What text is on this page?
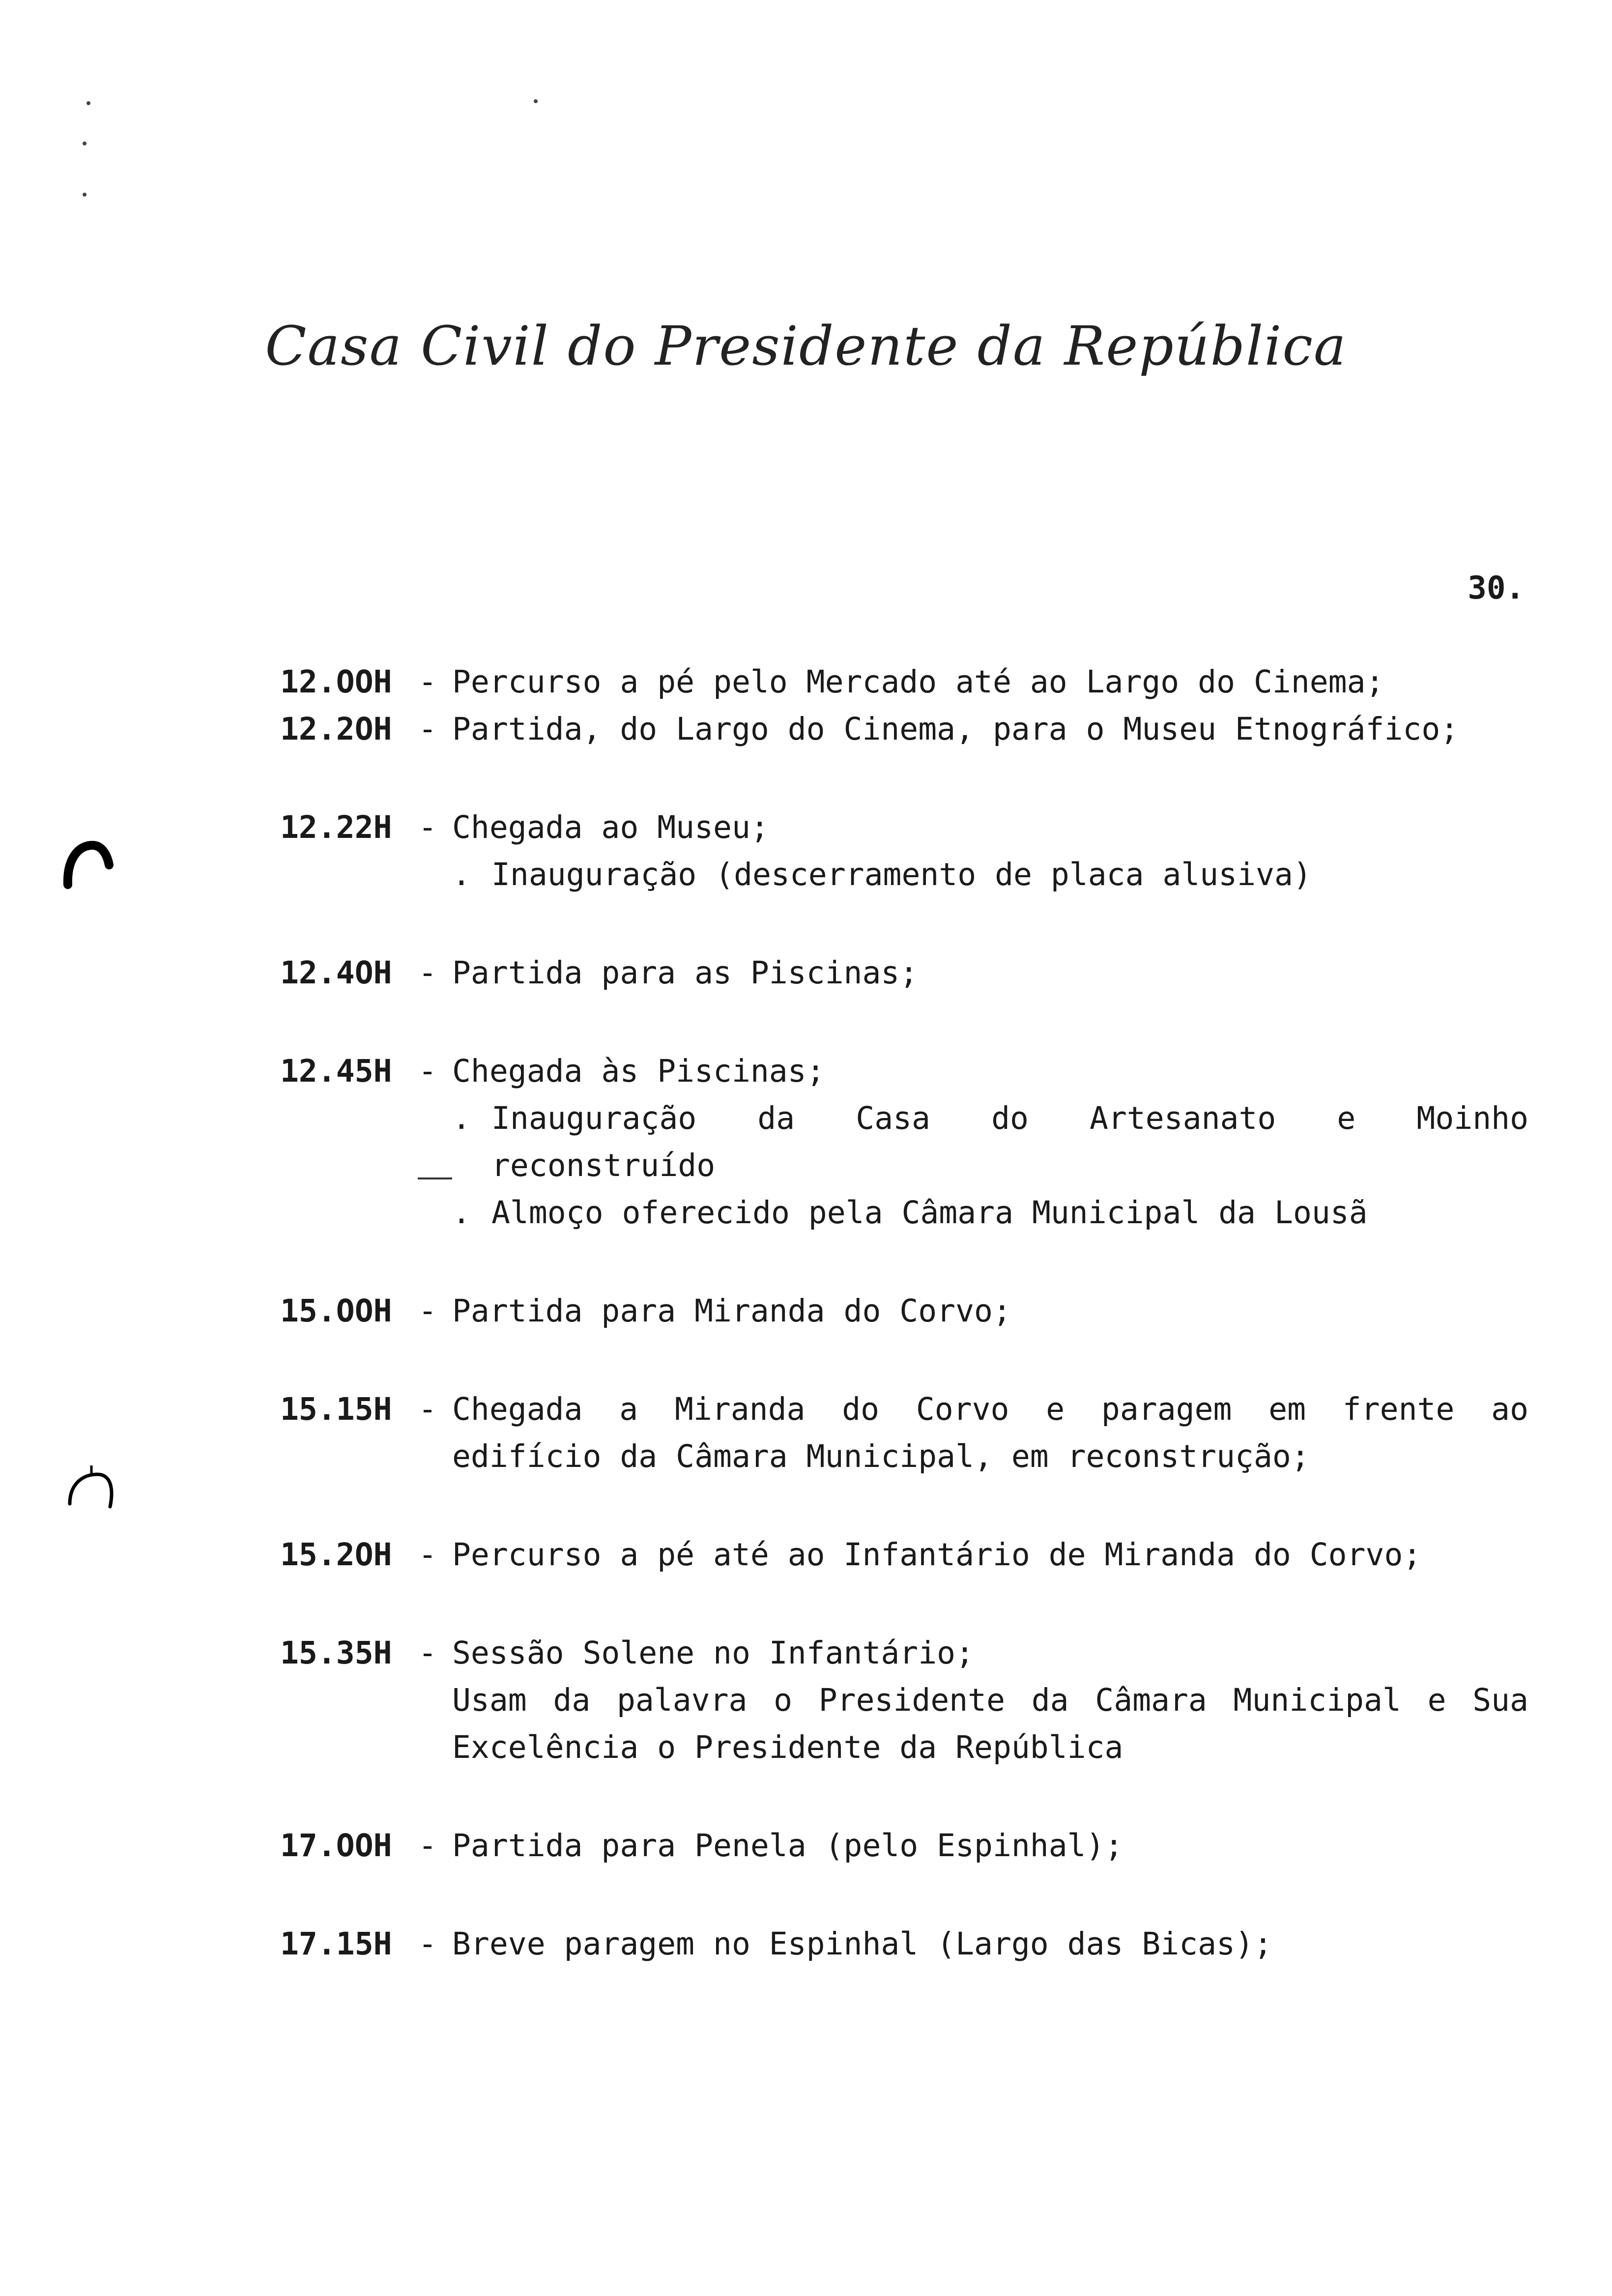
Casa Civil do Presidente da República
30.
12.OOH - Percurso a pé pelo Mercado até ao Largo do Cinema;
12.2OH - Partida, do Largo do Cinema, para o Museu Etnográfico;
12.22H - Chegada ao Museu;
. Inauguração (descerramento de placa alusiva)
12.4OH - Partida para as Piscinas;
12.45H - Chegada às Piscinas;
. Inauguração da Casa do Artesanato e Moinho
reconstruído
. Almoço oferecido pela Câmara Municipal da Lousã
15.OOH - Partida para Miranda do Corvo;
15.15H - Chegada a Miranda do Corvo e paragem em frente ao
edifício da Câmara Municipal, em reconstrução;
15.2OH - Percurso a pé até ao Infantário de Miranda do Corvo;
15.35H - Sessão Solene no Infantário;
Usam da palavra o Presidente da Câmara Municipal e Sua
Excelência o Presidente da República
17.OOH - Partida para Penela (pelo Espinhal);
17.15H - Breve paragem no Espinhal (Largo das Bicas);
